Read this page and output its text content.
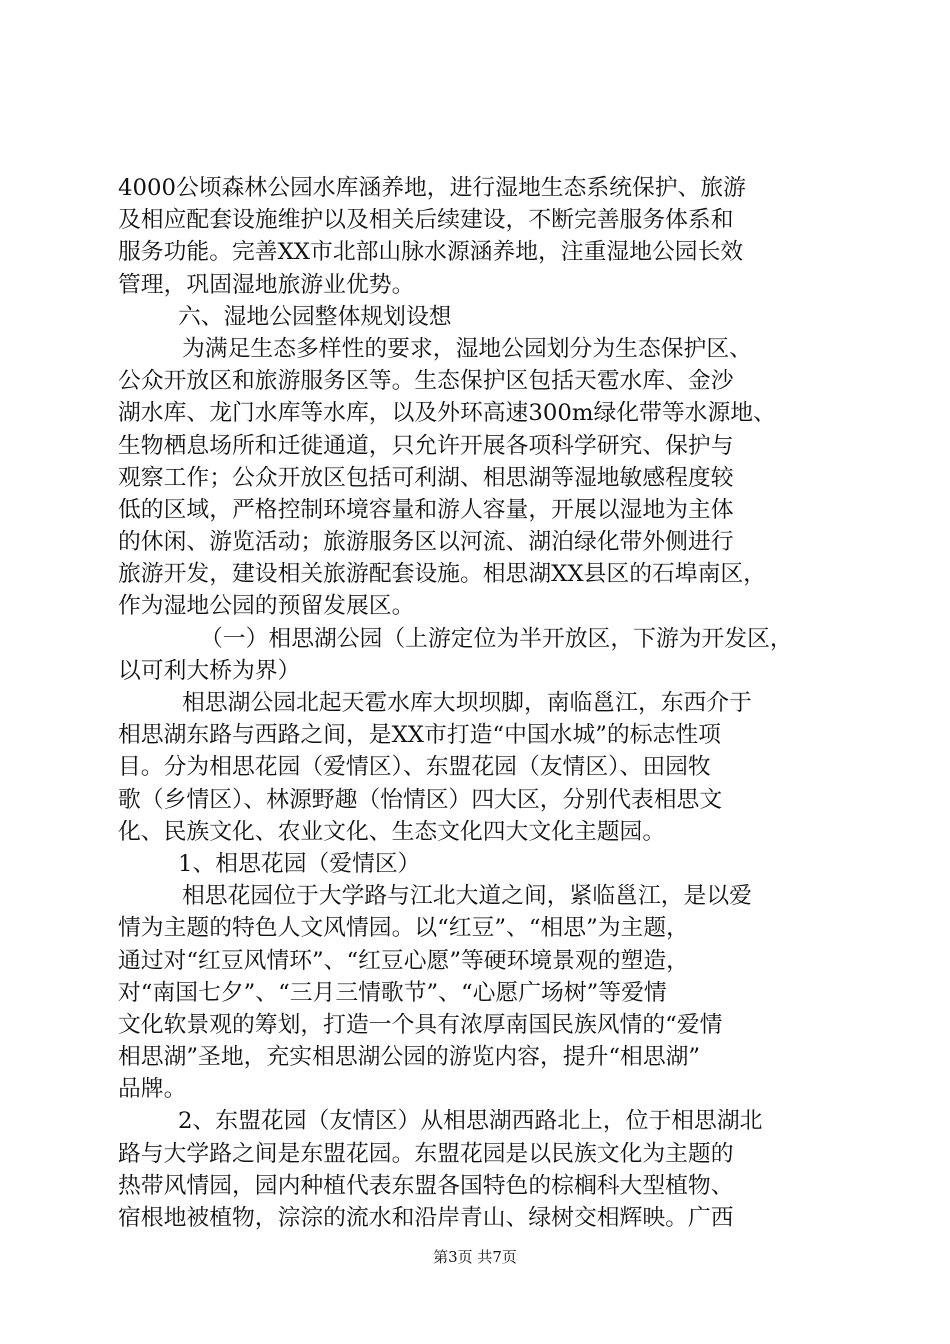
4000公顷森林公园水库涵养地，进行湿地生态系统保护、旅游
及相应配套设施维护以及相关后续建设，不断完善服务体系和
服务功能。完善XX市北部山脉水源涵养地，注重湿地公园长效
管理，巩固湿地旅游业优势。
六、湿地公园整体规划设想
为满足生态多样性的要求，湿地公园划分为生态保护区、
公众开放区和旅游服务区等。生态保护区包括天雹水库、金沙
湖水库、龙门水库等水库，以及外环高速300m绿化带等水源地、
生物栖息场所和迁徙通道，只允许开展各项科学研究、保护与
观察工作；公众开放区包括可利湖、相思湖等湿地敏感程度较
低的区域，严格控制环境容量和游人容量，开展以湿地为主体
的休闲、游览活动；旅游服务区以河流、湖泊绿化带外侧进行
旅游开发，建设相关旅游配套设施。相思湖XX县区的石埠南区，
作为湿地公园的预留发展区。
（一）相思湖公园（上游定位为半开放区，下游为开发区，
以可利大桥为界）
相思湖公园北起天雹水库大坝坝脚，南临邕江，东西介于
相思湖东路与西路之间，是XX市打造“中国水城”的标志性项
目。分为相思花园（爱情区）、东盟花园（友情区）、田园牧
歌（乡情区）、林源野趣（怡情区）四大区，分别代表相思文
化、民族文化、农业文化、生态文化四大文化主题园。
1、相思花园（爱情区）
相思花园位于大学路与江北大道之间，紧临邕江，是以爱
情为主题的特色人文风情园。以“红豆”、“相思”为主题，
通过对“红豆风情环”、“红豆心愿”等硬环境景观的塑造，
对“南国七夕”、“三月三情歌节”、“心愿广场树”等爱情
文化软景观的筹划，打造一个具有浓厚南国民族风情的“爱情
相思湖”圣地，充实相思湖公园的游览内容，提升“相思湖”
品牌。
2、东盟花园（友情区）从相思湖西路北上，位于相思湖北
路与大学路之间是东盟花园。东盟花园是以民族文化为主题的
热带风情园，园内种植代表东盟各国特色的棕榈科大型植物、
宿根地被植物，淙淙的流水和沿岸青山、绿树交相辉映。广西
第3页 共7页
